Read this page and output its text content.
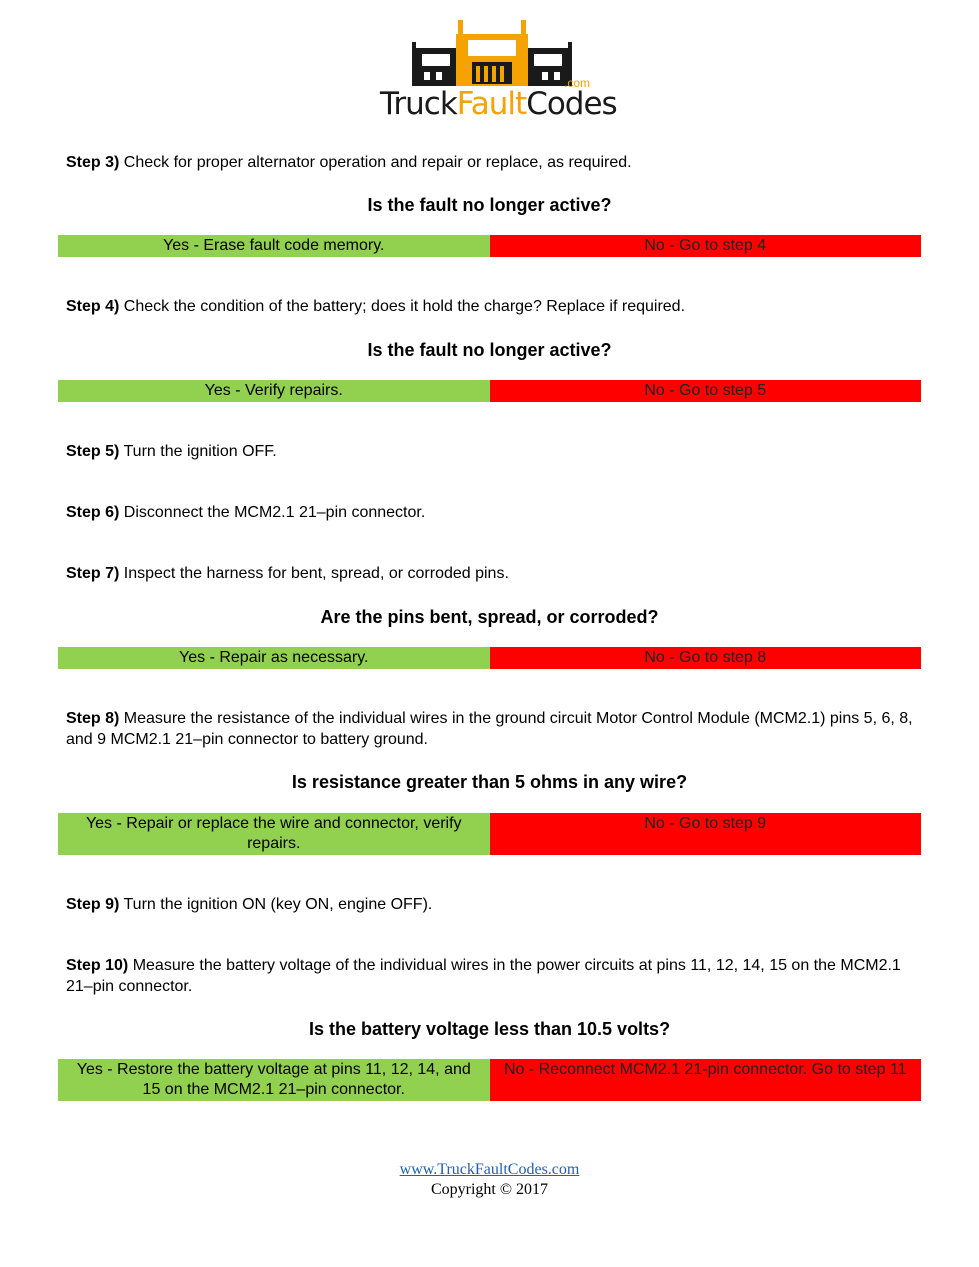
TruckFaultCodes
.com
Step 3) Check for proper alternator operation and repair or replace, as required.
Is the fault no longer active?
Yes - Erase fault code memory.	No - Go to step 4
Step 4) Check the condition of the battery; does it hold the charge? Replace if required.
Is the fault no longer active?
Yes - Verify repairs.	No - Go to step 5
Step 5) Turn the ignition OFF.
Step 6) Disconnect the MCM2.1 21–pin connector.
Step 7) Inspect the harness for bent, spread, or corroded pins.
Are the pins bent, spread, or corroded?
Yes - Repair as necessary.	No - Go to step 8
Step 8) Measure the resistance of the individual wires in the ground circuit Motor Control Module (MCM2.1) pins 5, 6, 8, and 9 MCM2.1 21–pin connector to battery ground.
Is resistance greater than 5 ohms in any wire?
Yes - Repair or replace the wire and connector, verify repairs.
No - Go to step 9
Step 9) Turn the ignition ON (key ON, engine OFF).
Step 10) Measure the battery voltage of the individual wires in the power circuits at pins 11, 12, 14, 15 on the MCM2.1 21–pin connector.
Is the battery voltage less than 10.5 volts?
Yes - Restore the battery voltage at pins 11, 12, 14, and 15 on the MCM2.1 21–pin connector.
No - Reconnect MCM2.1 21-pin connector. Go to step 11
www.TruckFaultCodes.com
Copyright © 2017
